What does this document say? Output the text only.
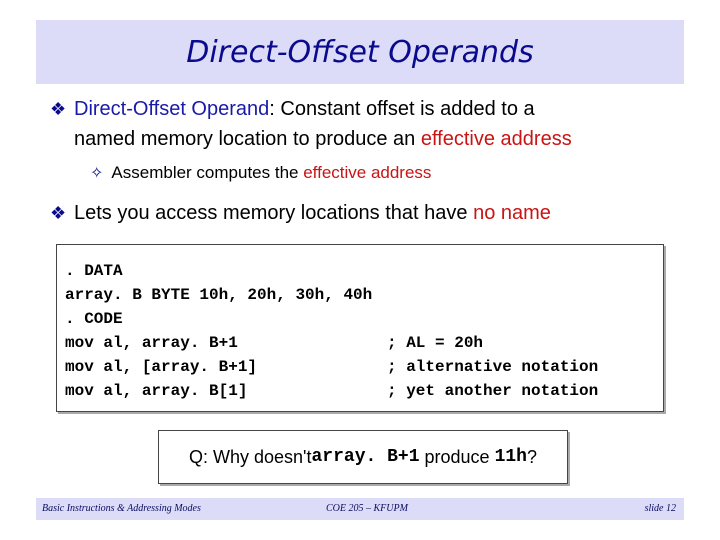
Direct-Offset Operands
❖ Direct-Offset Operand: Constant offset is added to a
named memory location to produce an effective address
✧ Assembler computes the effective address
❖ Lets you access memory locations that have no name
. DATA
array. B BYTE 10h, 20h, 30h, 40h
. CODE
mov al, array. B+1	; AL = 20h
mov al, [array. B+1]	; alternative notation
mov al, array. B[1]	; yet another notation
Q: Why doesn't array. B+1 produce 11h ?
Basic Instructions & Addressing Modes	COE 205 – KFUPM	slide 12
